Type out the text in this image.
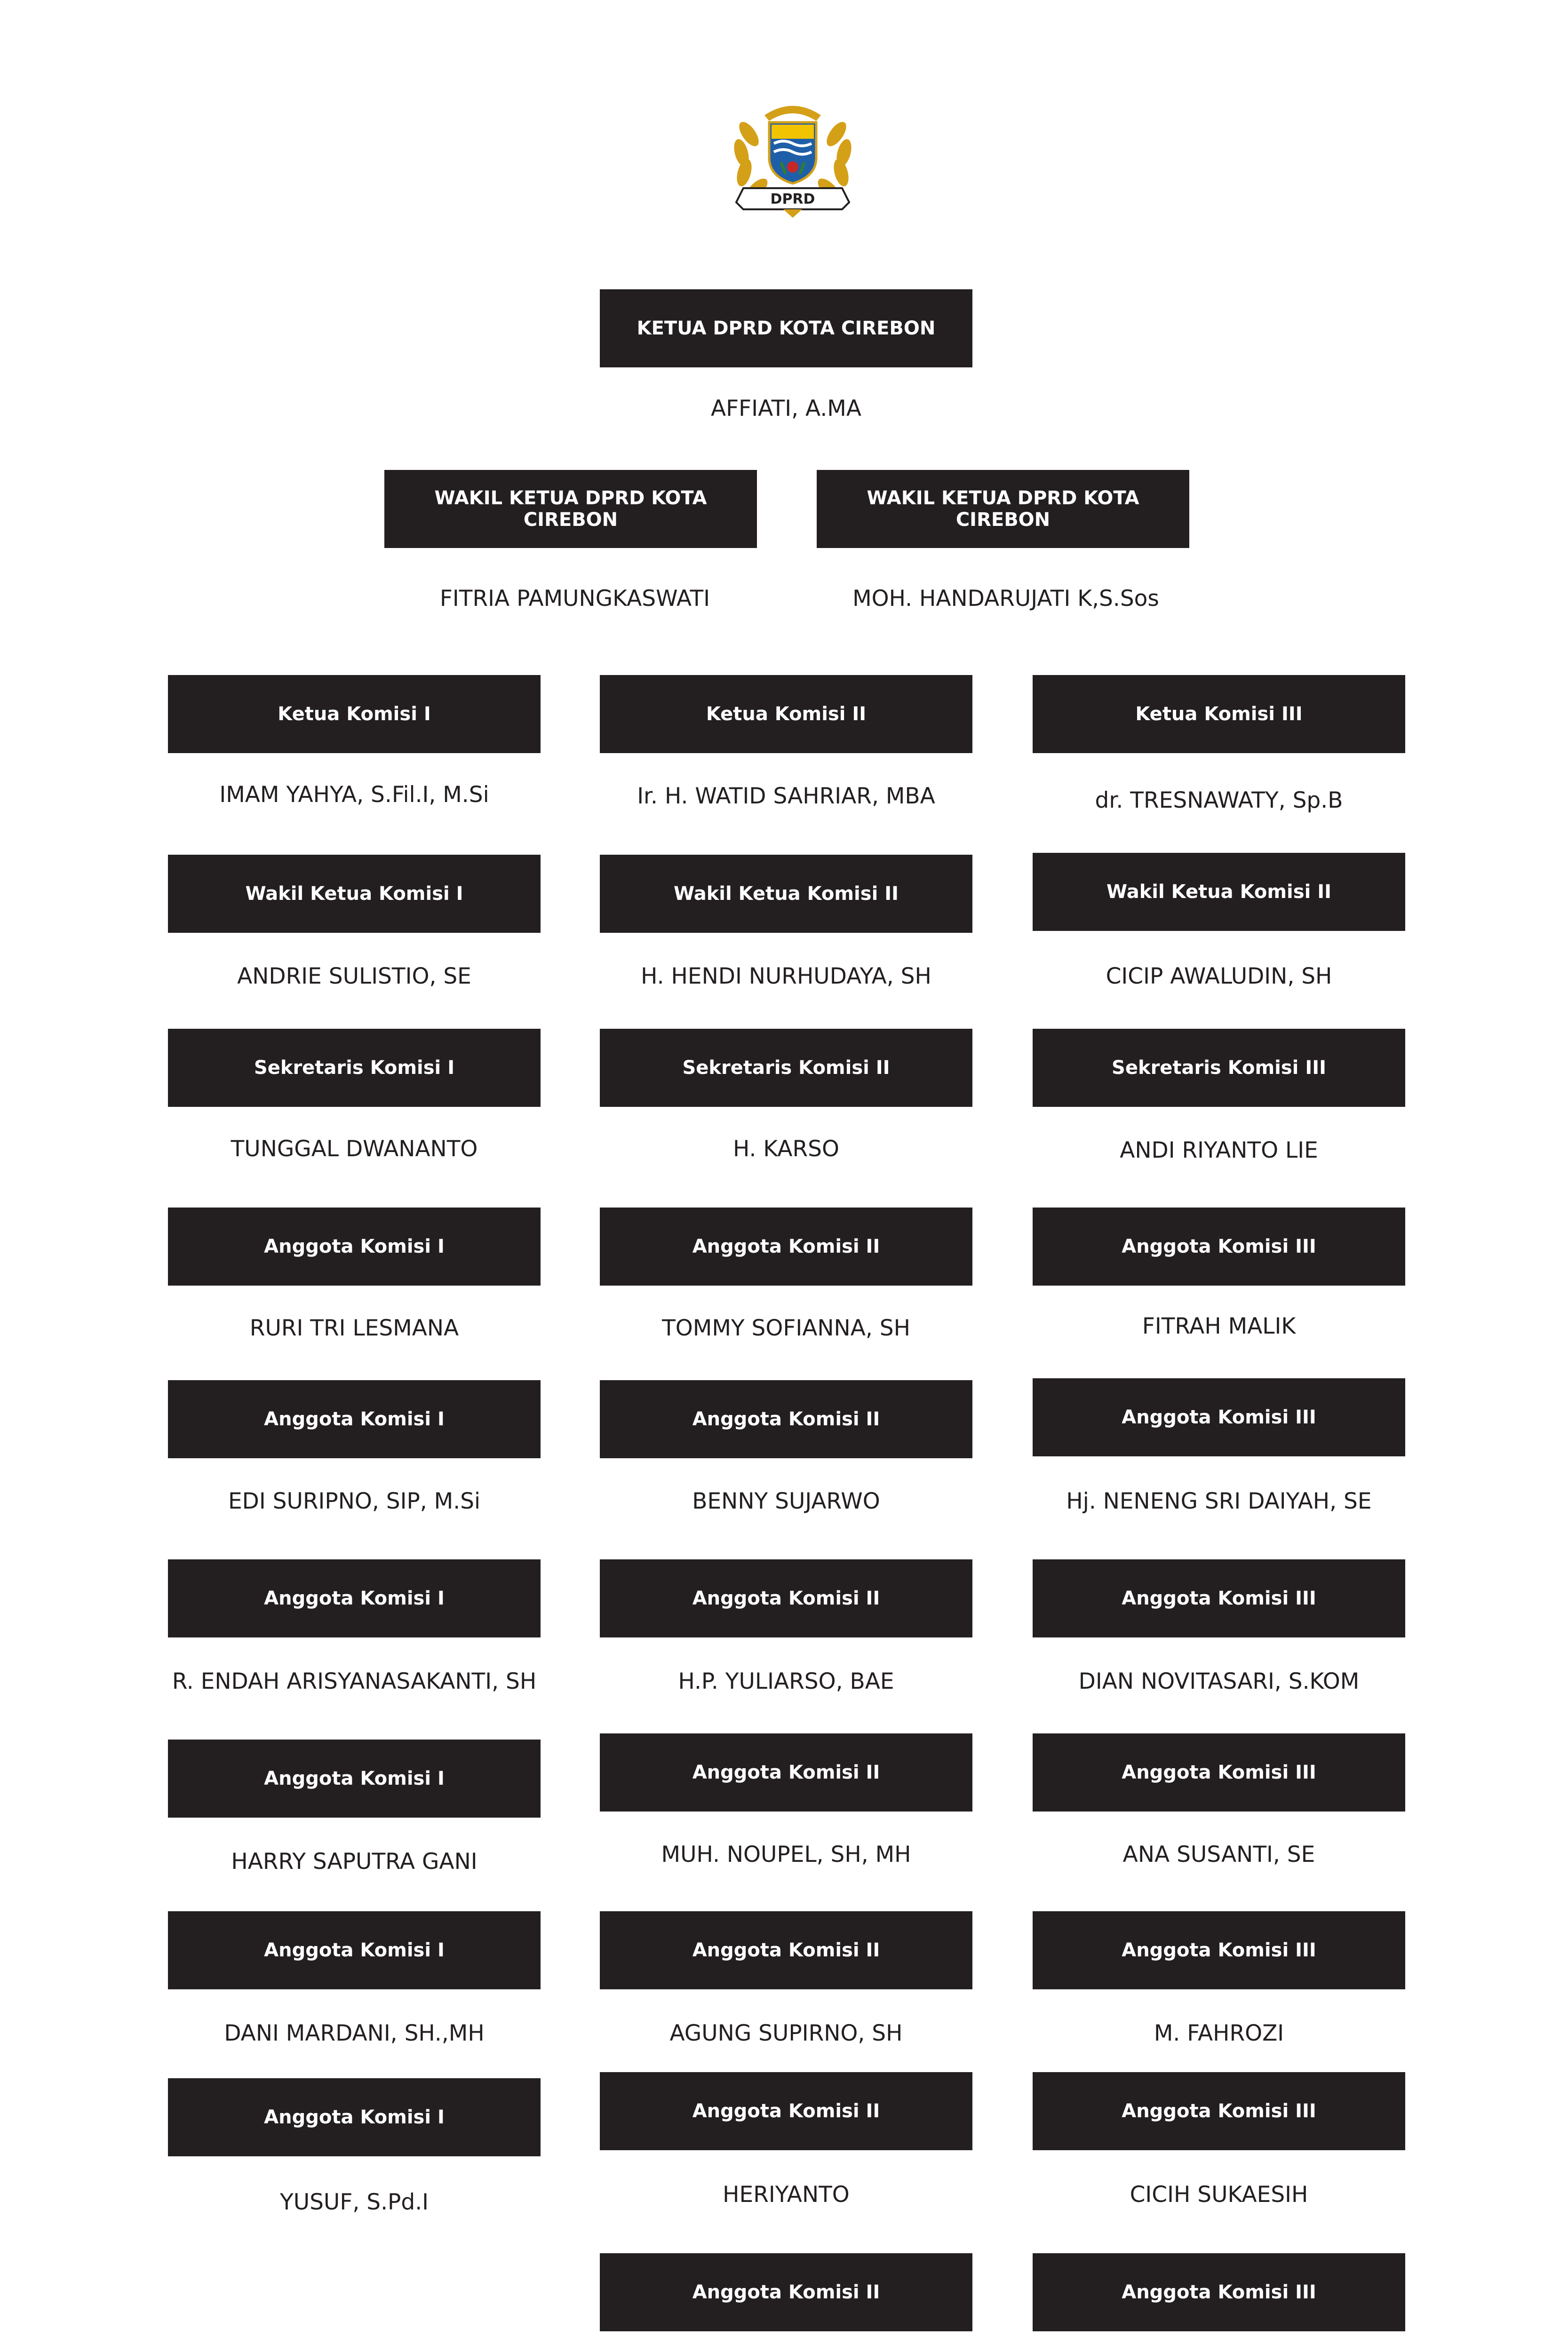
DPRD
KETUA DPRD KOTA CIREBON
AFFIATI, A.MA
WAKIL KETUA DPRD KOTA CIREBON
FITRIA PAMUNGKASWATI
WAKIL KETUA DPRD KOTA CIREBON
MOH. HANDARUJATI K,S.Sos
Ketua Komisi I
IMAM YAHYA, S.Fil.I, M.Si
Wakil Ketua Komisi I
ANDRIE SULISTIO, SE
Sekretaris Komisi I
TUNGGAL DWANANTO
Anggota Komisi I
RURI TRI LESMANA
Anggota Komisi I
EDI SURIPNO, SIP, M.Si
Anggota Komisi I
R. ENDAH ARISYANASAKANTI, SH
Anggota Komisi I
HARRY SAPUTRA GANI
Anggota Komisi I
DANI MARDANI, SH.,MH
Anggota Komisi I
YUSUF, S.Pd.I
Ketua Komisi II
Ir. H. WATID SAHRIAR, MBA
Wakil Ketua Komisi II
H. HENDI NURHUDAYA, SH
Sekretaris Komisi II
H. KARSO
Anggota Komisi II
TOMMY SOFIANNA, SH
Anggota Komisi II
BENNY SUJARWO
Anggota Komisi II
H.P. YULIARSO, BAE
Anggota Komisi II
MUH. NOUPEL, SH, MH
Anggota Komisi II
AGUNG SUPIRNO, SH
Anggota Komisi II
HERIYANTO
Anggota Komisi II
Ketua Komisi III
dr. TRESNAWATY, Sp.B
Wakil Ketua Komisi II
CICIP AWALUDIN, SH
Sekretaris Komisi III
ANDI RIYANTO LIE
Anggota Komisi III
FITRAH MALIK
Anggota Komisi III
Hj. NENENG SRI DAIYAH, SE
Anggota Komisi III
DIAN NOVITASARI, S.KOM
Anggota Komisi III
ANA SUSANTI, SE
Anggota Komisi III
M. FAHROZI
Anggota Komisi III
CICIH SUKAESIH
Anggota Komisi III
